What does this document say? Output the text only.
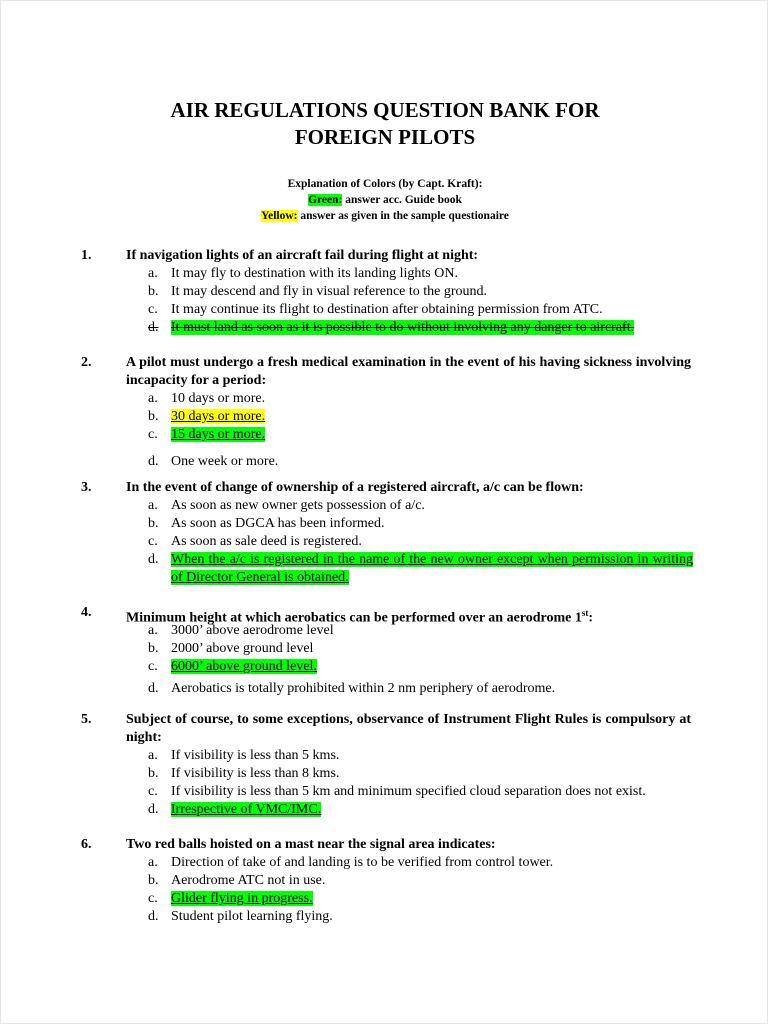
AIR REGULATIONS QUESTION BANK FOR
FOREIGN PILOTS
Explanation of Colors (by Capt. Kraft):
Green: answer acc. Guide book
Yellow: answer as given in the sample questionaire
1. If navigation lights of an aircraft fail during flight at night:
a. It may fly to destination with its landing lights ON.
b. It may descend and fly in visual reference to the ground.
c. It may continue its flight to destination after obtaining permission from ATC.
d. It must land as soon as it is possible to do without involving any danger to aircraft.
2. A pilot must undergo a fresh medical examination in the event of his having sickness involving incapacity for a period:
a. 10 days or more.
b. 30 days or more.
c. 15 days or more.
d. One week or more.
3. In the event of change of ownership of a registered aircraft, a/c can be flown:
a. As soon as new owner gets possession of a/c.
b. As soon as DGCA has been informed.
c. As soon as sale deed is registered.
d. When the a/c is registered in the name of the new owner except when permission in writing of Director General is obtained.
4. Minimum height at which aerobatics can be performed over an aerodrome 1st:
a. 3000’ above aerodrome level
b. 2000’ above ground level
c. 6000’ above ground level.
d. Aerobatics is totally prohibited within 2 nm periphery of aerodrome.
5. Subject of course, to some exceptions, observance of Instrument Flight Rules is compulsory at night:
a. If visibility is less than 5 kms.
b. If visibility is less than 8 kms.
c. If visibility is less than 5 km and minimum specified cloud separation does not exist.
d. Irrespective of VMC/IMC.
6. Two red balls hoisted on a mast near the signal area indicates:
a. Direction of take of and landing is to be verified from control tower.
b. Aerodrome ATC not in use.
c. Glider flying in progress.
d. Student pilot learning flying.
